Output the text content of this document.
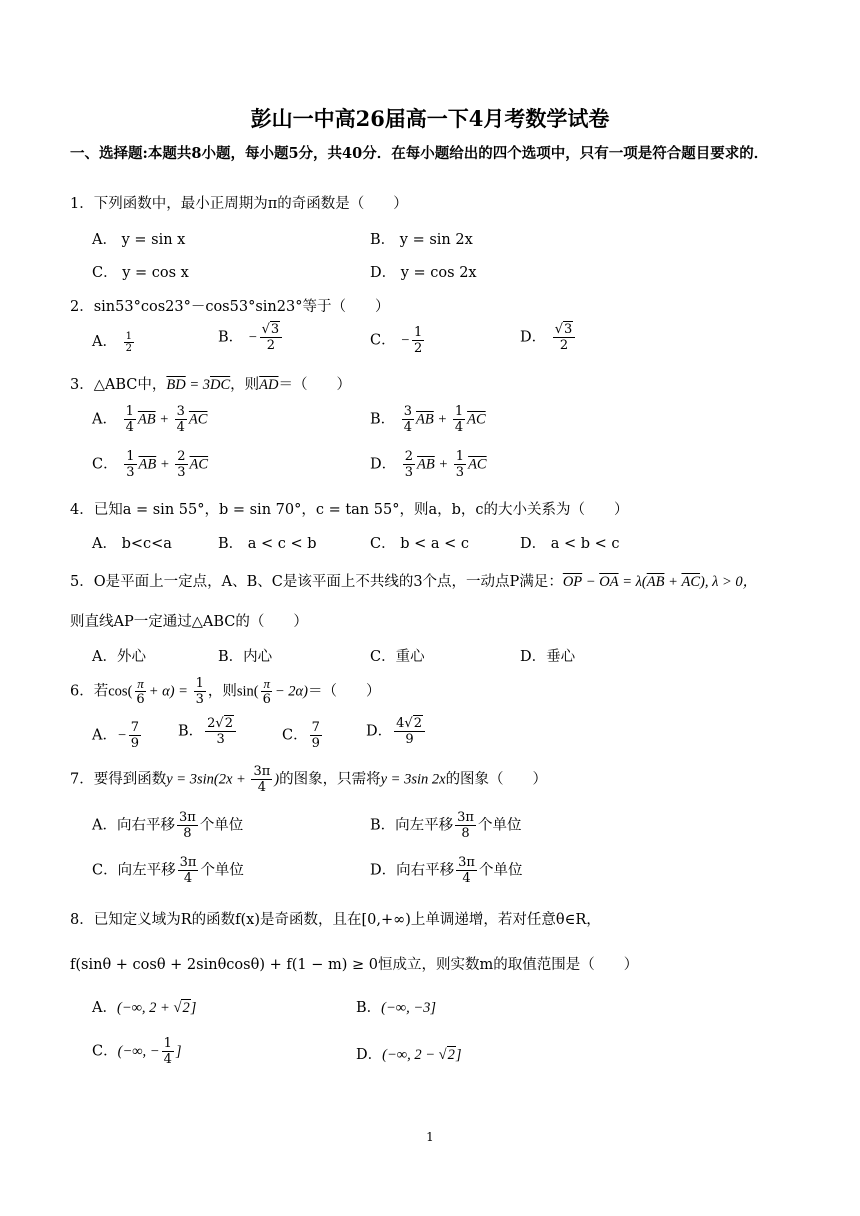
彭山一中高26届高一下4月考数学试卷
一、选择题:本题共8小题，每小题5分，共40分．在每小题给出的四个选项中，只有一项是符合题目要求的．
1．下列函数中，最小正周期为π的奇函数是（　　）
A． y = sin x	B． y = sin 2x
C． y = cos x	D． y = cos 2x
2．sin53°cos23°－cos53°sin23°等于（　　）
A． $\frac{1}{2}$	B． − $\frac{√3}{2}$	C． − $\frac{1}{2}$	D． $\frac{√3}{2}$
3．△ABC中，$\overline{BD} = 3\overline{DC}$，则$\overline{AD}=$（　　）
A． $\frac{1}{4} \overline{AB} + \frac{3}{4} \overline{AC}$	B． $\frac{3}{4} \overline{AB} + \frac{1}{4} \overline{AC}$
C． $\frac{1}{3} \overline{AB} + \frac{2}{3} \overline{AC}$	D． $\frac{2}{3} \overline{AB} + \frac{1}{3} \overline{AC}$
4．已知a = sin 55°，b = sin 70°，c = tan 55°，则a，b，c的大小关系为（　　）
A． b<c<a	B． a < c < b	C． b < a < c	D． a < b < c
5．O是平面上一定点，A、B、C是该平面上不共线的3个点，一动点P满足：$\overline{OP} - \overline{OA} = \lambda(\overline{AB} + \overline{AC})$, λ > 0，
则直线AP一定通过△ABC的（　　）
A．外心	B．内心	C．重心	D．垂心
6．若$\cos( \frac{\pi}{6} + \alpha) = \frac{1}{3}$ ，则$\sin( \frac{\pi}{6} - 2\alpha)=$（　　）
A．− $\frac{7}{9}$	B． $\frac{2√2}{3}$	C． $\frac{7}{9}$	D． $\frac{4√2}{9}$
7．要得到函数$y = 3\sin(2x + \frac{3\pi}{4}$ )的图象，只需将y = 3sin 2x的图象（　　）
A．向右平移 $\frac{3\pi}{8}$ 个单位	B．向左平移 $\frac{3\pi}{8}$ 个单位
C．向左平移 $\frac{3\pi}{4}$ 个单位	D．向右平移 $\frac{3\pi}{4}$ 个单位
8．已知定义域为R的函数f(x)是奇函数，且在[0,+∞)上单调递增，若对任意θ∈R，
f(sinθ + cosθ + 2sinθcosθ) + f(1 − m) ≥ 0恒成立，则实数m的取值范围是（　　）
A．(−∞, 2 + √2]	B．(−∞, −3]
C．(−∞, − $\frac{1}{4}$ ]	D．(−∞, 2 − √2]
1
